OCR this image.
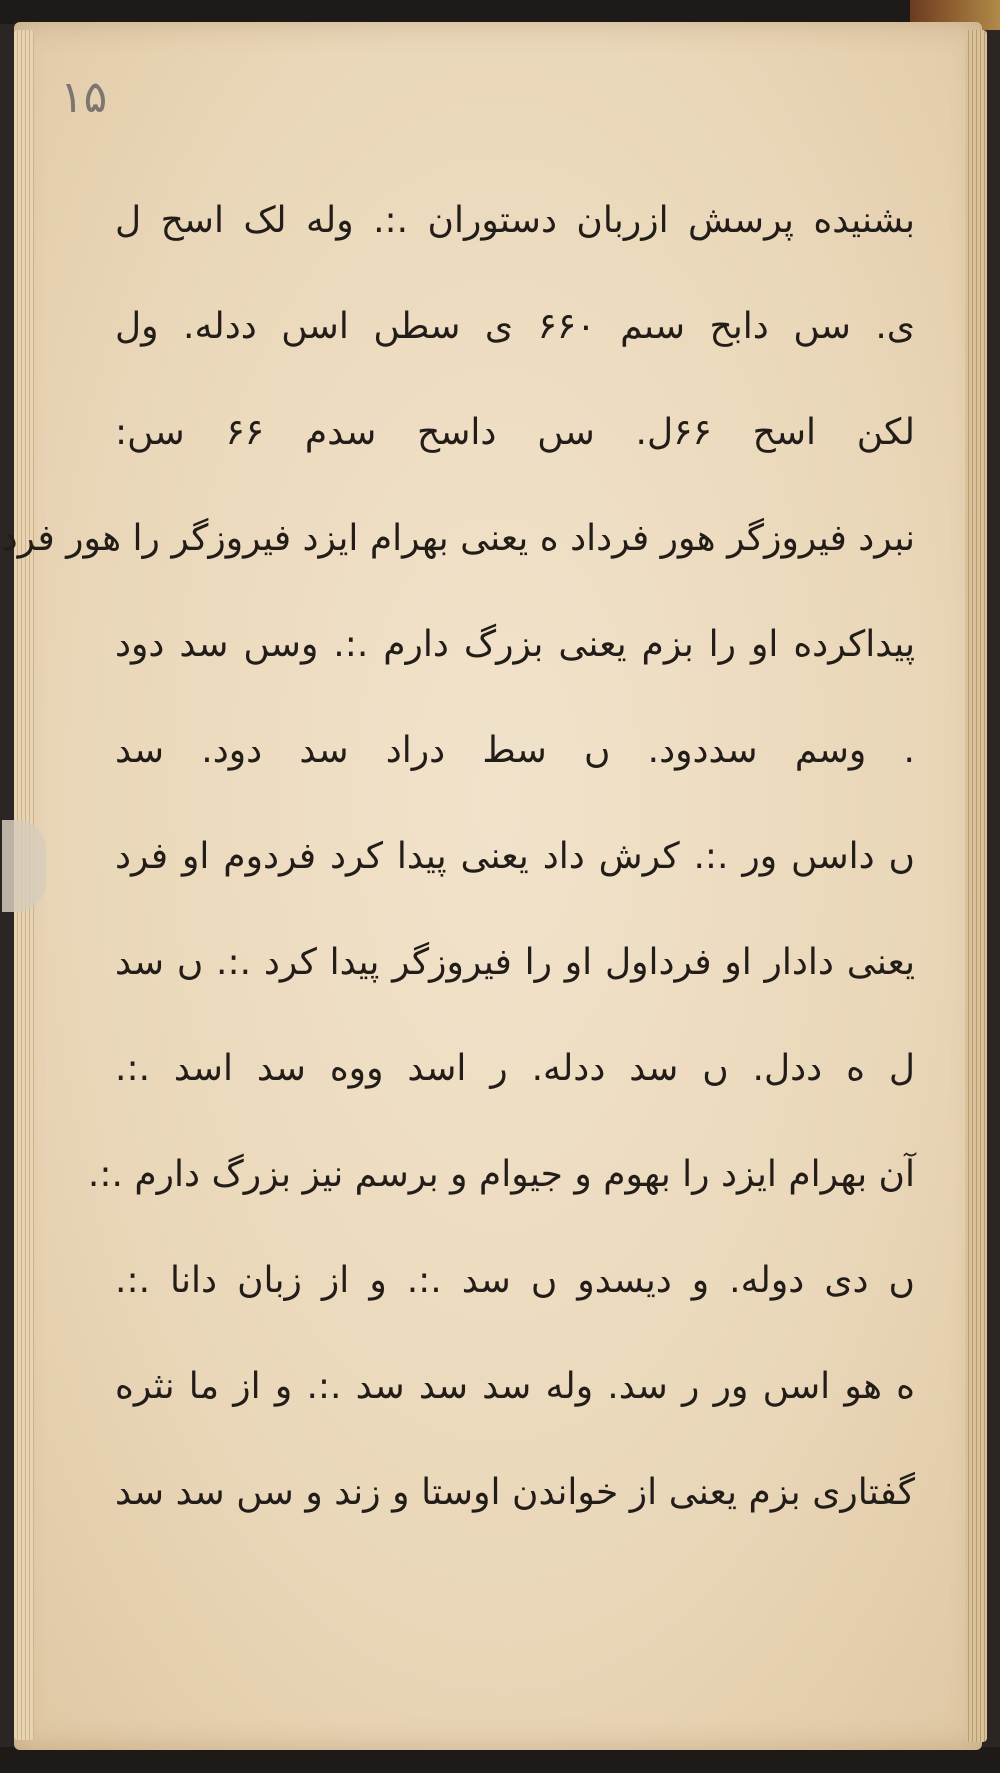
۱۵
بشنیده پرسش ازربان دستوران .:. وله لک اسح ل
ی. سں دابح سٮم ۶۶۰ ی سطں اسں ددله. ول
لکن اسح ۶۶ل. سں داسح سدم ۶۶ سں:
نبرد فیروزگر هور فرداد ه یعنی بهرام ایزد فیروزگر را هور فرد
پیداکرده او را بزم یعنی بزرگ دارم .:. وسں سد دود
. وسم سددود. ں سط دراد سد دود. سد
ں داسں ور .:. کرش داد یعنی پیدا کرد فردوم او فرد
یعنی دادار او فرداول او را فیروزگر پیدا کرد .:. ں سد
ل ه ددل. ں سد ددله. ر اسد ووه سد اسد .:.
آن بهرام ایزد را بهوم و جیوام و برسم نیز بزرگ دارم .:.
ں دی دوله. و دیسدو ں سد .:. و از زبان دانا .:.
ه هو اسں ور ر سد. وله سد سد سد .:. و از ما نثره
گفتاری بزم یعنی از خواندن اوستا و زند و سں سد سد
